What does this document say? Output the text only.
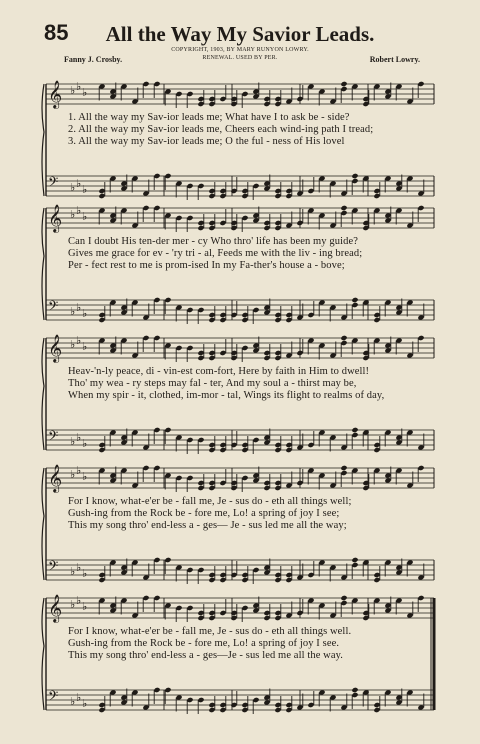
85	All the Way My Savior Leads.
Fanny J. Crosby.
COPYRIGHT, 1903, BY MARY RUNYON LOWRY.
RENEWAL. USED BY PER.	Robert Lowry.
𝄞 ♭ ♭ ♭
𝄢 ♭ ♭ ♭
1. All the way my Sav-ior leads me; What have I to ask be - side?
2. All the way my Sav-ior leads me, Cheers each wind-ing path I tread;
3. All the way my Sav-ior leads me; O the ful - ness of His lovel
𝄞 ♭ ♭ ♭
𝄢 ♭ ♭ ♭
Can I doubt His ten-der mer - cy Who thro' life has been my guide?
Gives me grace for ev - 'ry tri - al, Feeds me with the liv - ing bread;
Per - fect rest to me is prom-ised In my Fa-ther's house a - bove;
𝄞 ♭ ♭ ♭
𝄢 ♭ ♭ ♭
Heav-'n-ly peace, di - vin-est com-fort, Here by faith in Him to dwell!
Tho' my wea - ry steps may fal - ter, And my soul a - thirst may be,
When my spir - it, clothed, im-mor - tal, Wings its flight to realms of day,
𝄞 ♭ ♭ ♭
𝄢 ♭ ♭ ♭
For I know, what-e'er be - fall me, Je - sus do - eth all things well;
Gush-ing from the Rock be - fore me, Lo! a spring of joy I see;
This my song thro' end-less a - ges— Je - sus led me all the way;
𝄞 ♭ ♭ ♭
𝄢 ♭ ♭ ♭
For I know, what-e'er be - fall me, Je - sus do - eth all things well.
Gush-ing from the Rock be - fore me, Lo! a spring of joy I see.
This my song thro' end-less a - ges—Je - sus led me all the way.
